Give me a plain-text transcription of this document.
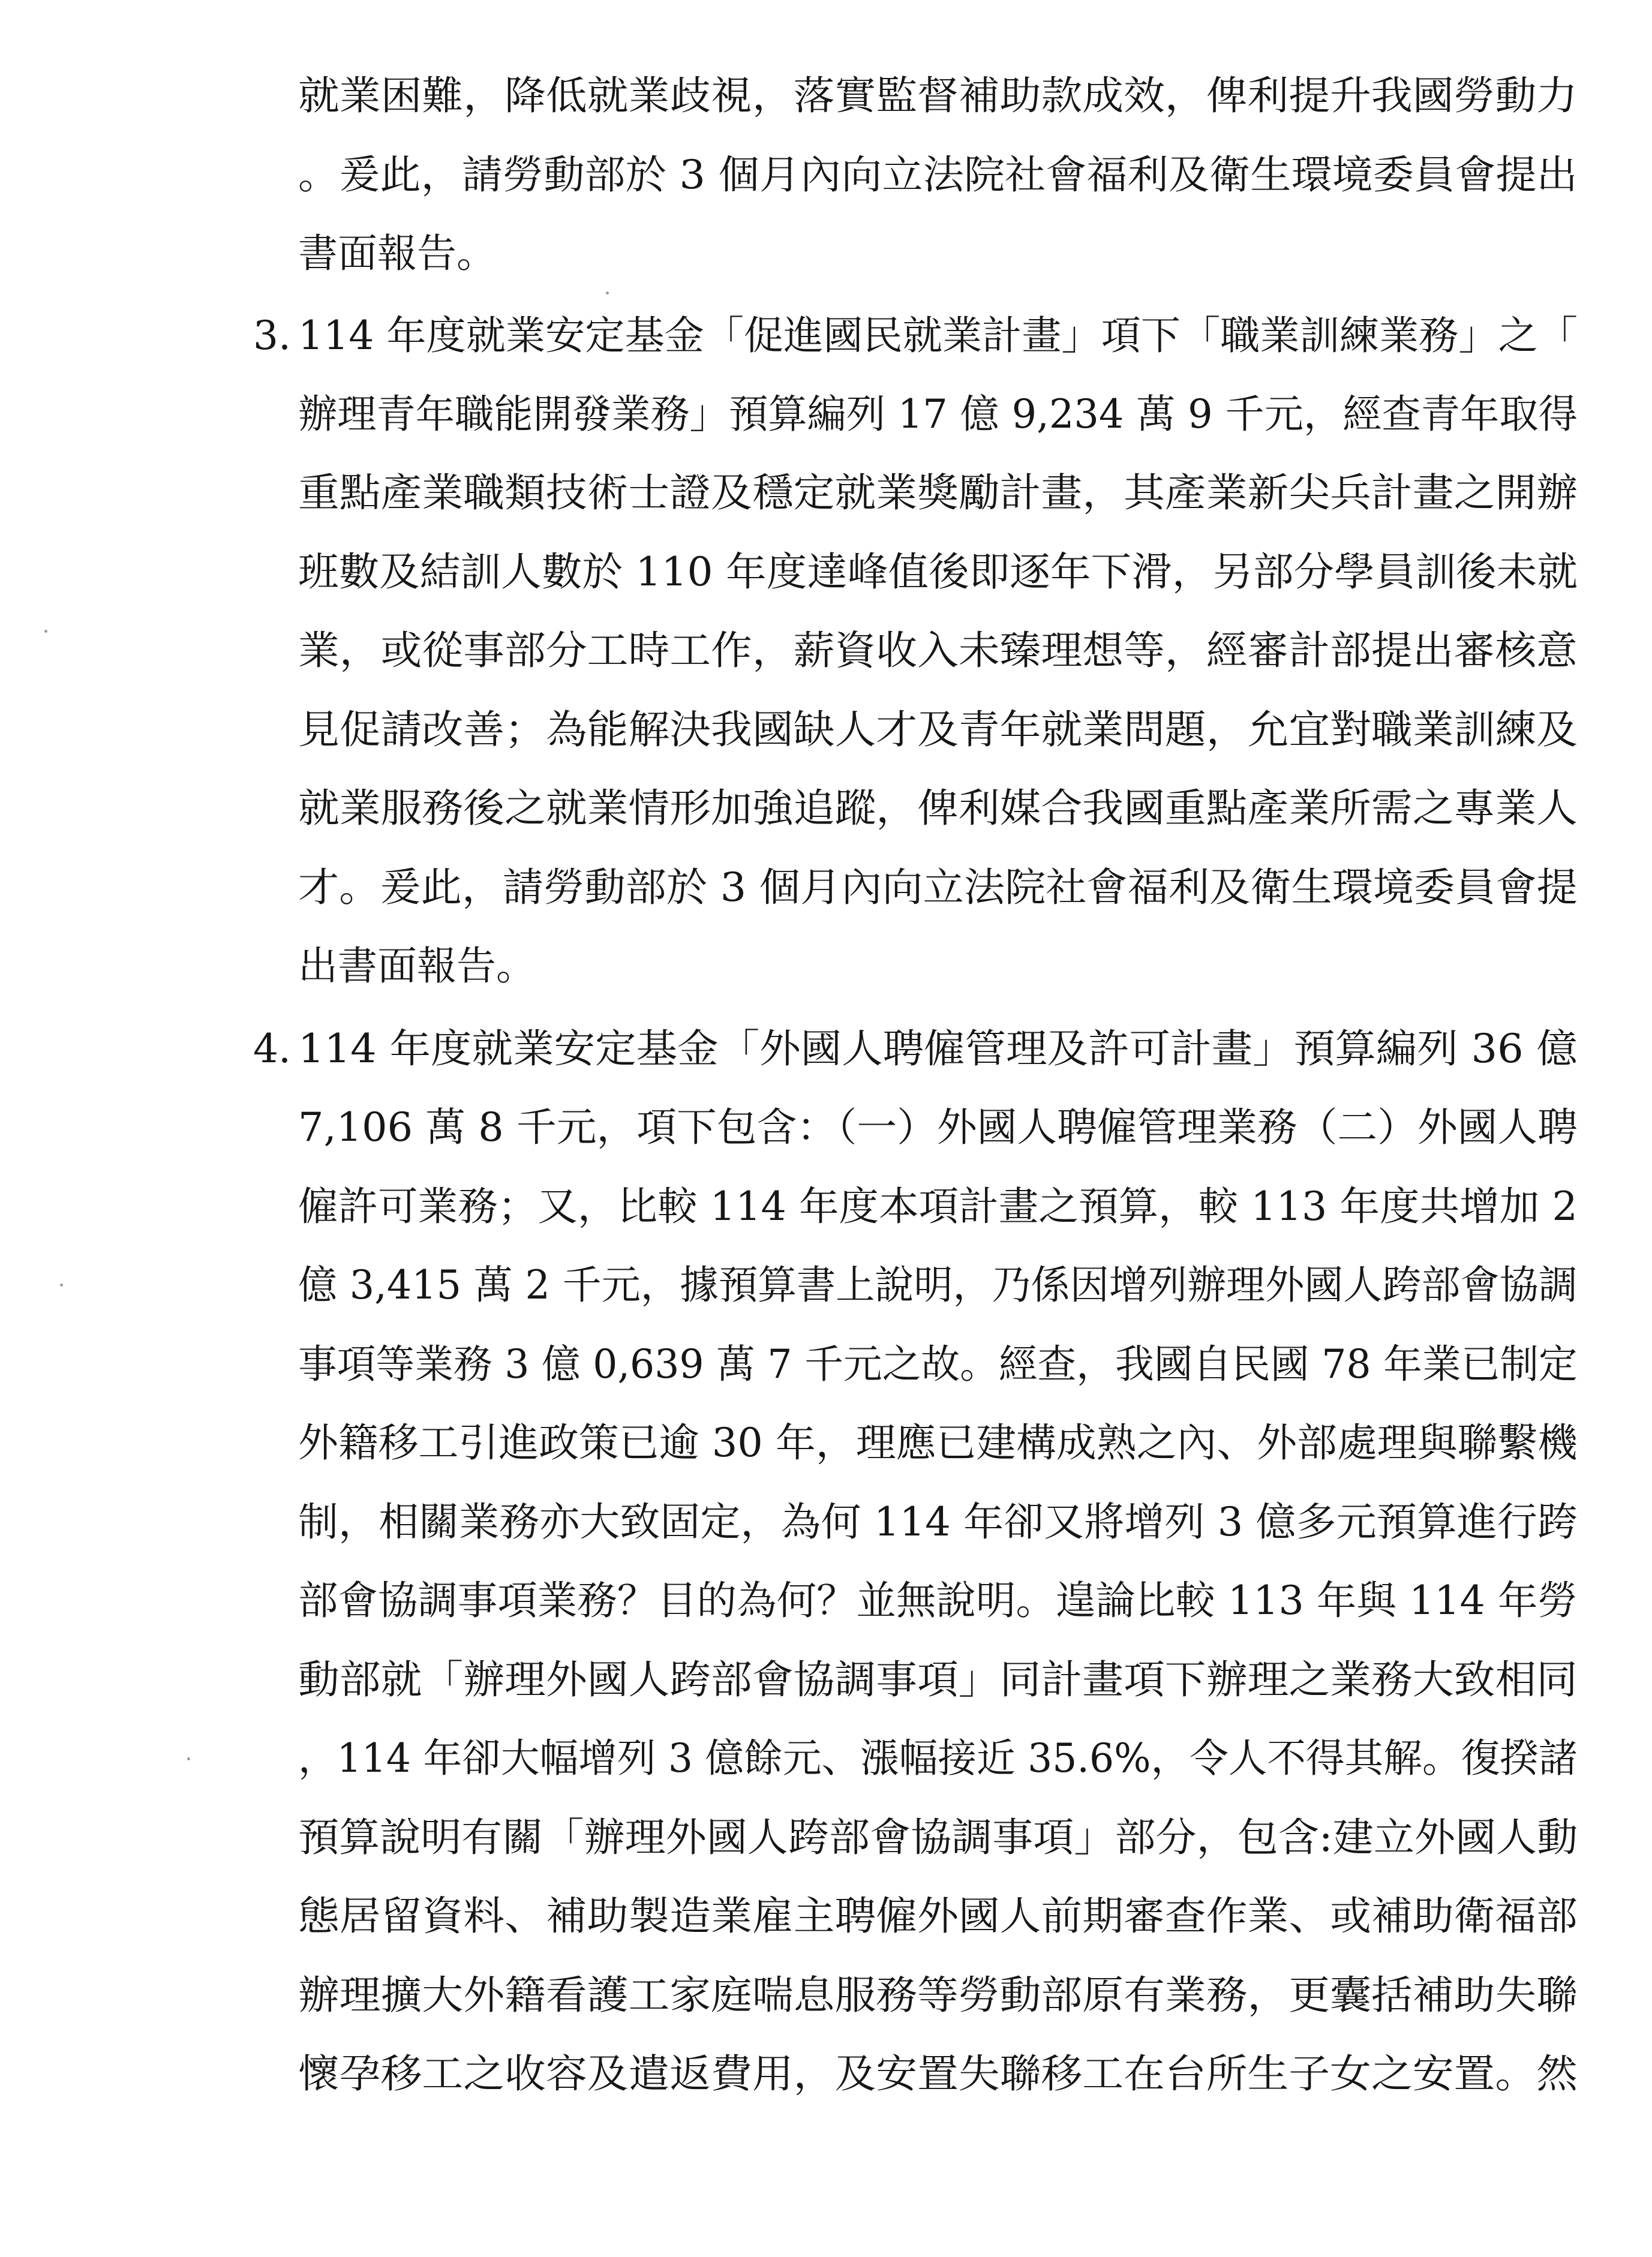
就業困難，降低就業歧視，落實監督補助款成效，俾利提升我國勞動力
。爰此，請勞動部於 3 個月內向立法院社會福利及衛生環境委員會提出
書面報告。
3. 114 年度就業安定基金「促進國民就業計畫」項下「職業訓練業務」之「
辦理青年職能開發業務」預算編列 17 億 9,234 萬 9 千元，經查青年取得
重點產業職類技術士證及穩定就業獎勵計畫，其產業新尖兵計畫之開辦
班數及結訓人數於 110 年度達峰值後即逐年下滑，另部分學員訓後未就
業，或從事部分工時工作，薪資收入未臻理想等，經審計部提出審核意
見促請改善；為能解決我國缺人才及青年就業問題，允宜對職業訓練及
就業服務後之就業情形加強追蹤，俾利媒合我國重點產業所需之專業人
才。爰此，請勞動部於 3 個月內向立法院社會福利及衛生環境委員會提
出書面報告。
4. 114 年度就業安定基金「外國人聘僱管理及許可計畫」預算編列 36 億
7,106 萬 8 千元，項下包含：（一）外國人聘僱管理業務（二）外國人聘
僱許可業務；又，比較 114 年度本項計畫之預算，較 113 年度共增加 2
億 3,415 萬 2 千元，據預算書上說明，乃係因增列辦理外國人跨部會協調
事項等業務 3 億 0,639 萬 7 千元之故。經查，我國自民國 78 年業已制定
外籍移工引進政策已逾 30 年，理應已建構成熟之內、外部處理與聯繫機
制，相關業務亦大致固定，為何 114 年卻又將增列 3 億多元預算進行跨
部會協調事項業務？目的為何？並無說明。遑論比較 113 年與 114 年勞
動部就「辦理外國人跨部會協調事項」同計畫項下辦理之業務大致相同
，114 年卻大幅增列 3 億餘元、漲幅接近 35.6%，令人不得其解。復揆諸
預算說明有關「辦理外國人跨部會協調事項」部分，包含:建立外國人動
態居留資料、補助製造業雇主聘僱外國人前期審查作業、或補助衛福部
辦理擴大外籍看護工家庭喘息服務等勞動部原有業務，更囊括補助失聯
懷孕移工之收容及遣返費用，及安置失聯移工在台所生子女之安置。然
